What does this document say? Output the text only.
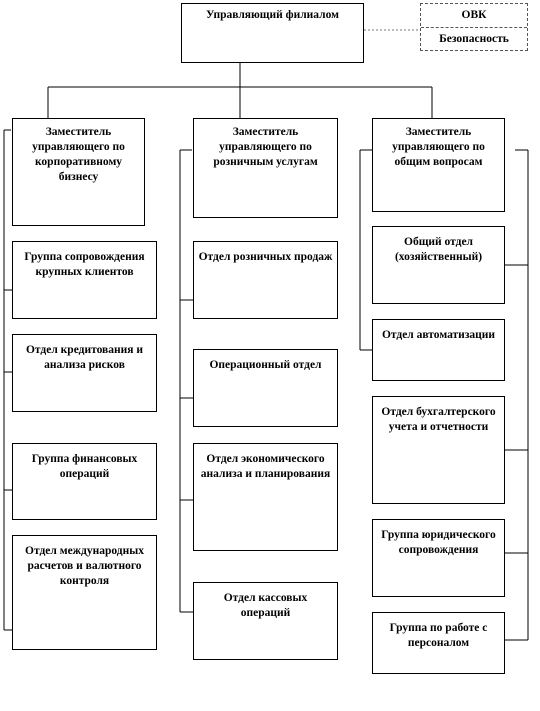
Управляющий филиалом	ОВК
Безопасность
Заместитель управляющего по корпоративному бизнесу
Заместитель управляющего по розничным услугам
Заместитель управляющего по общим вопросам
Группа сопровождения крупных клиентов
Отдел кредитования и анализа рисков
Группа финансовых операций
Отдел международных расчетов и валютного контроля
Отдел розничных продаж
Операционный отдел
Отдел экономического анализа и планирования
Отдел кассовых операций
Общий отдел (хозяйственный)
Отдел автоматизации
Отдел бухгалтерского учета и отчетности
Группа юридического сопровождения
Группа по работе с персоналом
